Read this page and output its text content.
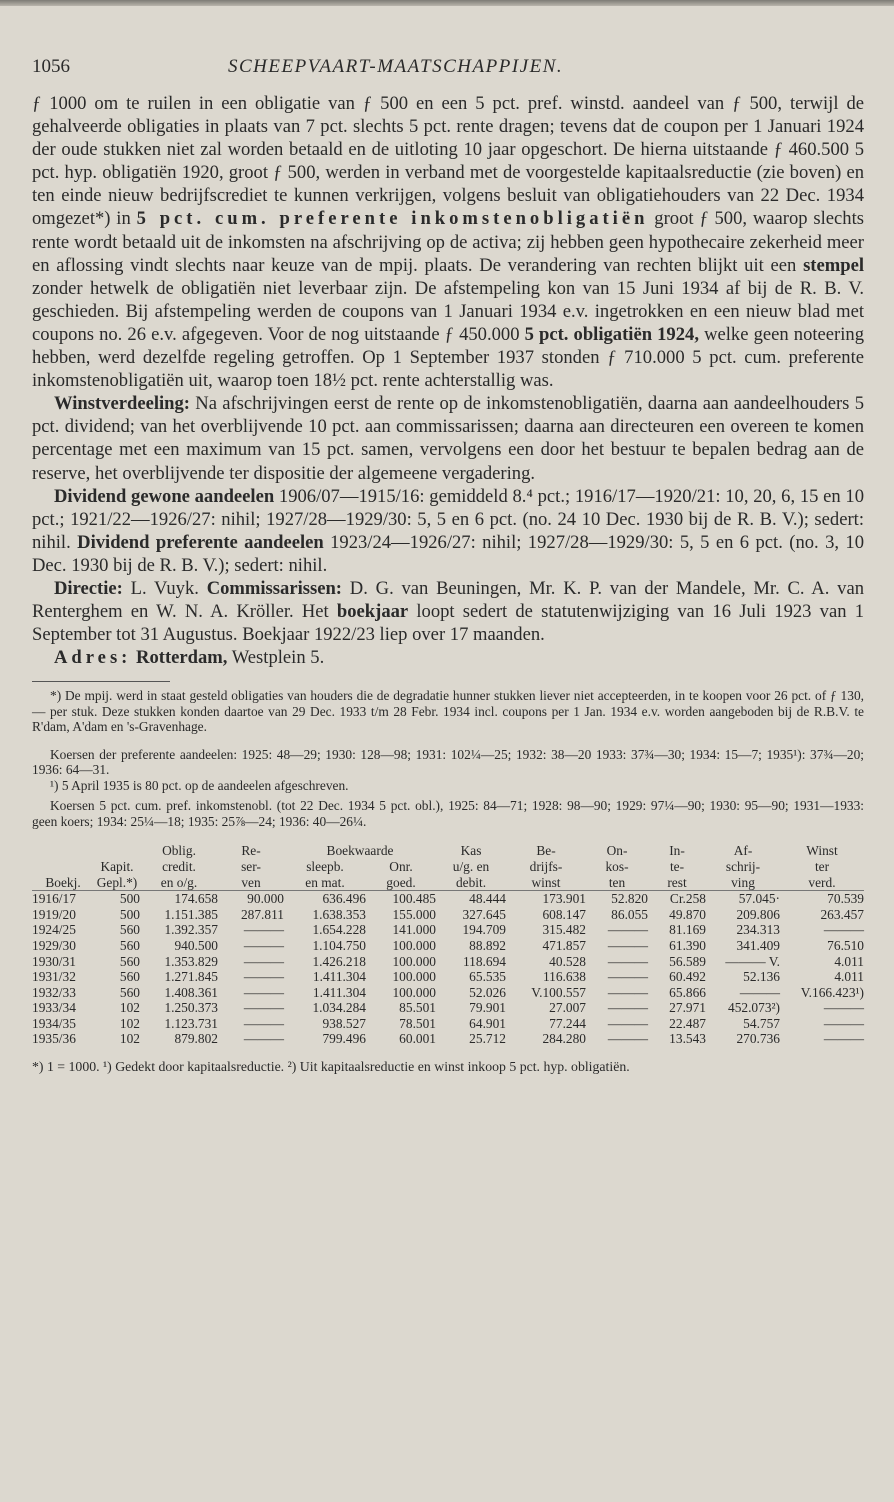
1056	SCHEEPVAART-MAATSCHAPPIJEN.

ƒ 1000 om te ruilen in een obligatie van ƒ 500 en een 5 pct. pref. winstd. aandeel van ƒ 500, terwijl de gehalveerde obligaties in plaats van 7 pct. slechts 5 pct. rente dragen; tevens dat de coupon per 1 Januari 1924 der oude stukken niet zal worden betaald en de uitloting 10 jaar opgeschort. De hierna uitstaande ƒ 460.500 5 pct. hyp. obligatiën 1920, groot ƒ 500, werden in verband met de voorgestelde kapitaalsreductie (zie boven) en ten einde nieuw bedrijfscrediet te kunnen verkrijgen, volgens besluit van obligatiehouders van 22 Dec. 1934 omgezet*) in 5 pct. cum. preferente inkomstenobligatiën groot ƒ 500, waarop slechts rente wordt betaald uit de inkomsten na afschrijving op de activa; zij hebben geen hypothecaire zekerheid meer en aflossing vindt slechts naar keuze van de mpij. plaats. De verandering van rechten blijkt uit een stempel zonder hetwelk de obligatiën niet leverbaar zijn. De afstempeling kon van 15 Juni 1934 af bij de R. B. V. geschieden. Bij afstempeling werden de coupons van 1 Januari 1934 e.v. ingetrokken en een nieuw blad met coupons no. 26 e.v. afgegeven. Voor de nog uitstaande ƒ 450.000 5 pct. obligatiën 1924, welke geen noteering hebben, werd dezelfde regeling getroffen. Op 1 September 1937 stonden ƒ 710.000 5 pct. cum. preferente inkomstenobligatiën uit, waarop toen 18½ pct. rente achterstallig was.

Winstverdeeling: Na afschrijvingen eerst de rente op de inkomstenobligatiën, daarna aan aandeelhouders 5 pct. dividend; van het overblijvende 10 pct. aan commissarissen; daarna aan directeuren een overeen te komen percentage met een maximum van 15 pct. samen, vervolgens een door het bestuur te bepalen bedrag aan de reserve, het overblijvende ter dispositie der algemeene vergadering.

Dividend gewone aandeelen 1906/07—1915/16: gemiddeld 8.⁴ pct.; 1916/17—1920/21: 10, 20, 6, 15 en 10 pct.; 1921/22—1926/27: nihil; 1927/28—1929/30: 5, 5 en 6 pct. (no. 24 10 Dec. 1930 bij de R. B. V.); sedert: nihil. Dividend preferente aandeelen 1923/24—1926/27: nihil; 1927/28—1929/30: 5, 5 en 6 pct. (no. 3, 10 Dec. 1930 bij de R. B. V.); sedert: nihil.

Directie: L. Vuyk. Commissarissen: D. G. van Beuningen, Mr. K. P. van der Mandele, Mr. C. A. van Renterghem en W. N. A. Kröller. Het boekjaar loopt sedert de statutenwijziging van 16 Juli 1923 van 1 September tot 31 Augustus. Boekjaar 1922/23 liep over 17 maanden.

Adres: Rotterdam, Westplein 5.

*) De mpij. werd in staat gesteld obligaties van houders die de degradatie hunner stukken liever niet accepteerden, in te koopen voor 26 pct. of ƒ 130,— per stuk. Deze stukken konden daartoe van 29 Dec. 1933 t/m 28 Febr. 1934 incl. coupons per 1 Jan. 1934 e.v. worden aangeboden bij de R.B.V. te R'dam, A'dam en 's-Gravenhage.

Koersen der preferente aandeelen: 1925: 48—29; 1930: 128—98; 1931: 102¼—25; 1932: 38—20 1933: 37¾—30; 1934: 15—7; 1935¹): 37¾—20; 1936: 64—31.

¹) 5 April 1935 is 80 pct. op de aandeelen afgeschreven.

Koersen 5 pct. cum. pref. inkomstenobl. (tot 22 Dec. 1934 5 pct. obl.), 1925: 84—71; 1928: 98—90; 1929: 97¼—90; 1930: 95—90; 1931—1933: geen koers; 1934: 25¼—18; 1935: 25⅞—24; 1936: 40—26¼.

		Oblig.	Re-	Boekwaarde		Kas	Be-	On-	In-	Af-	Winst
	Kapit.	credit.	ser-	sleepb.	Onr.	u/g. en	drijfs-	kos-	te-	schrij-	ter
Boekj.	Gepl.*)	en o/g.	ven	en mat.	goed.	debit.	winst	ten	rest	ving	verd.
1916/17	500	174.658	90.000	636.496	100.485	48.444	173.901	52.820	Cr.258	57.045·	70.539
1919/20	500	1.151.385	287.811	1.638.353	155.000	327.645	608.147	86.055	49.870	209.806	263.457
1924/25	560	1.392.357	———	1.654.228	141.000	194.709	315.482	———	81.169	234.313	———
1929/30	560	940.500	———	1.104.750	100.000	88.892	471.857	———	61.390	341.409	76.510
1930/31	560	1.353.829	———	1.426.218	100.000	118.694	40.528	———	56.589	——— V.	4.011
1931/32	560	1.271.845	———	1.411.304	100.000	65.535	116.638	———	60.492	52.136	4.011
1932/33	560	1.408.361	———	1.411.304	100.000	52.026	V.100.557	———	65.866	———	V.166.423¹)
1933/34	102	1.250.373	———	1.034.284	85.501	79.901	27.007	———	27.971	452.073²)	———
1934/35	102	1.123.731	———	938.527	78.501	64.901	77.244	———	22.487	54.757	———
1935/36	102	879.802	———	799.496	60.001	25.712	284.280	———	13.543	270.736	———

*) 1 = 1000. ¹) Gedekt door kapitaalsreductie. ²) Uit kapitaalsreductie en winst inkoop 5 pct. hyp. obligatiën.
